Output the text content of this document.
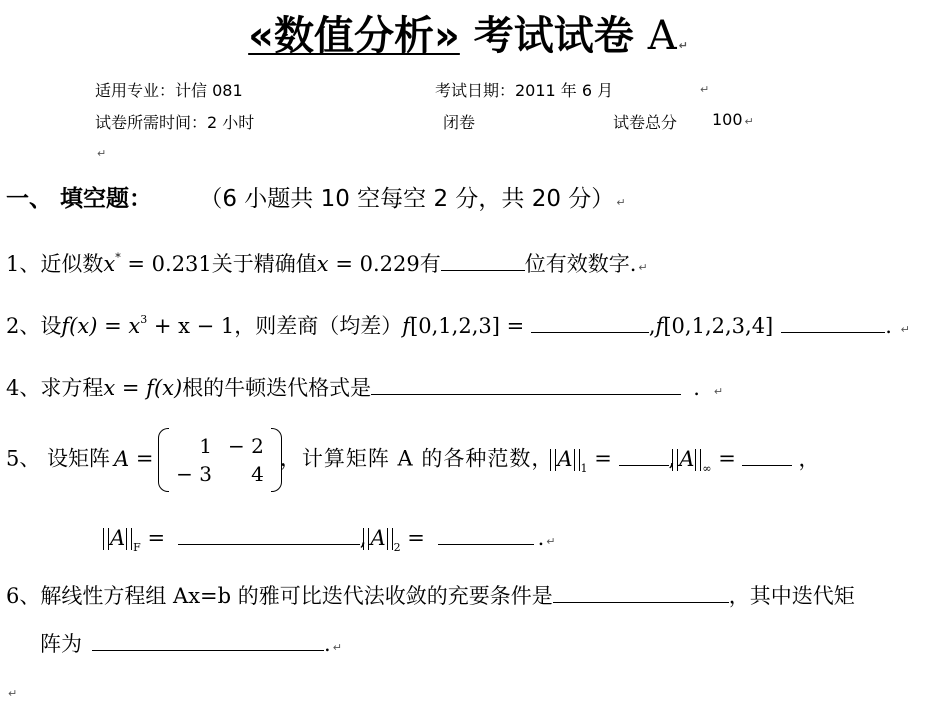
«数值分析» 考试试卷 A ↵
适用专业：计信 081	考试日期：2011 年 6 月	↵
试卷所需时间：2 小时	闭卷	试卷总分 100 ↵
↵
一、 填空题： （6 小题共 10 空每空 2 分，共 20 分） ↵
1、近似数x* = 0.231关于精确值x = 0.229有	位有效数字. ↵
2、设$f(x) = x^3 + x - 1$，则差商（均差）f[0,1,2,3] =	,f[0,1,2,3,4]	. ↵
4、求方程x = f(x)根的牛顿迭代格式是	. ↵
5、 设矩阵 A =
1	− 2
− 3	4
，计算矩阵 A 的各种范数， A $_1$ = , A $_\infty$ =	，
A $_F$ =	, A $_2$ =	. ↵
6、解线性方程组 Ax=b 的雅可比迭代法收敛的充要条件是	，其中迭代矩
阵为	. ↵
↵
